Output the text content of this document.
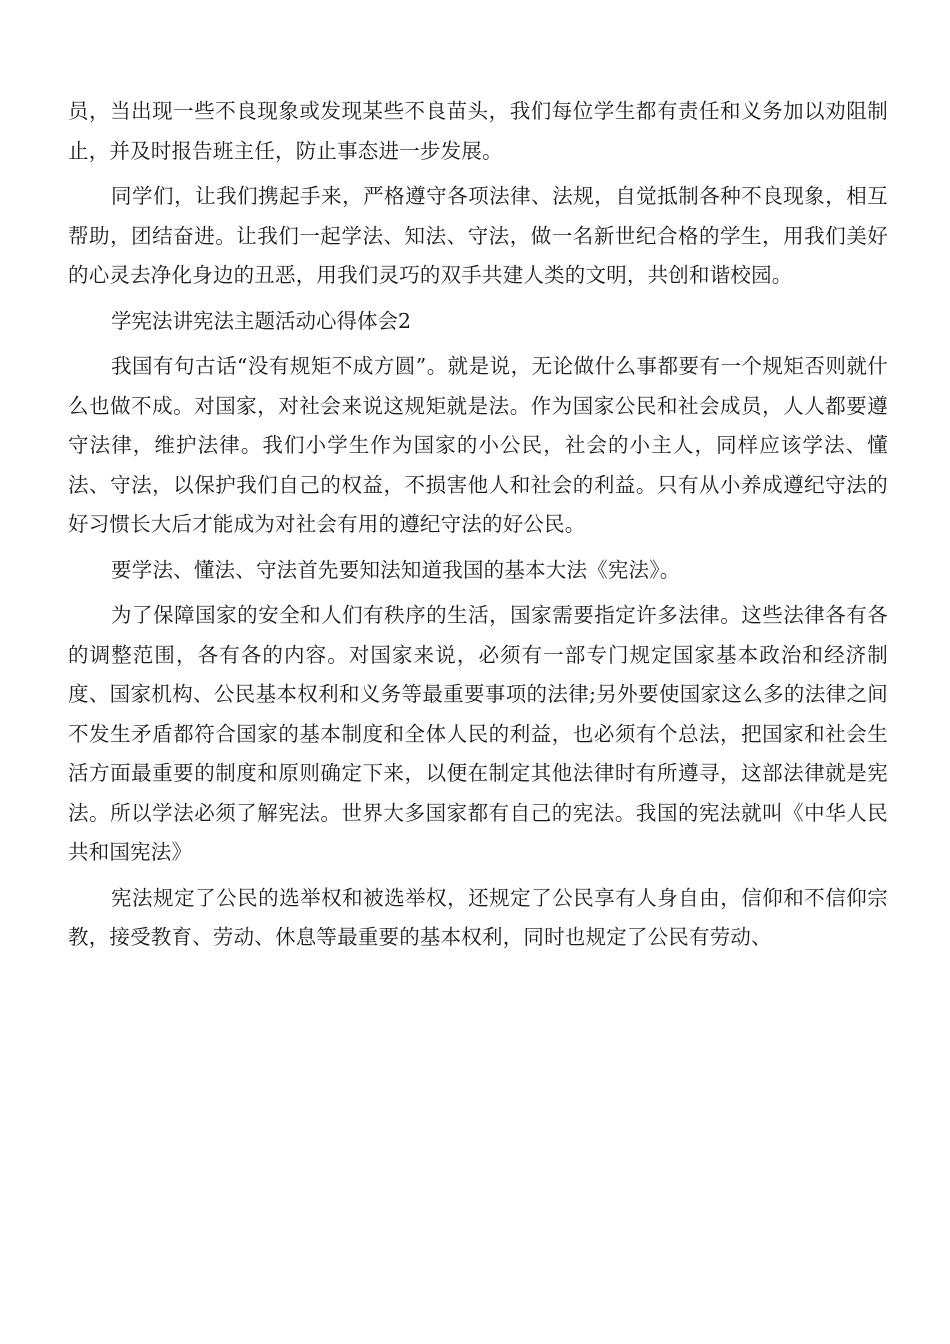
员，当出现一些不良现象或发现某些不良苗头，我们每位学生都有责任和义务加以劝阻制止，并及时报告班主任，防止事态进一步发展。

同学们，让我们携起手来，严格遵守各项法律、法规，自觉抵制各种不良现象，相互帮助，团结奋进。让我们一起学法、知法、守法，做一名新世纪合格的学生，用我们美好的心灵去净化身边的丑恶，用我们灵巧的双手共建人类的文明，共创和谐校园。

学宪法讲宪法主题活动心得体会2

我国有句古话“没有规矩不成方圆”。就是说，无论做什么事都要有一个规矩否则就什么也做不成。对国家，对社会来说这规矩就是法。作为国家公民和社会成员，人人都要遵守法律，维护法律。我们小学生作为国家的小公民，社会的小主人，同样应该学法、懂法、守法，以保护我们自己的权益，不损害他人和社会的利益。只有从小养成遵纪守法的好习惯长大后才能成为对社会有用的遵纪守法的好公民。

要学法、懂法、守法首先要知法知道我国的基本大法《宪法》。

为了保障国家的安全和人们有秩序的生活，国家需要指定许多法律。这些法律各有各的调整范围，各有各的内容。对国家来说，必须有一部专门规定国家基本政治和经济制度、国家机构、公民基本权利和义务等最重要事项的法律;另外要使国家这么多的法律之间不发生矛盾都符合国家的基本制度和全体人民的利益，也必须有个总法，把国家和社会生活方面最重要的制度和原则确定下来，以便在制定其他法律时有所遵寻，这部法律就是宪法。所以学法必须了解宪法。世界大多国家都有自己的宪法。我国的宪法就叫《中华人民共和国宪法》

宪法规定了公民的选举权和被选举权，还规定了公民享有人身自由，信仰和不信仰宗教，接受教育、劳动、休息等最重要的基本权利，同时也规定了公民有劳动、
